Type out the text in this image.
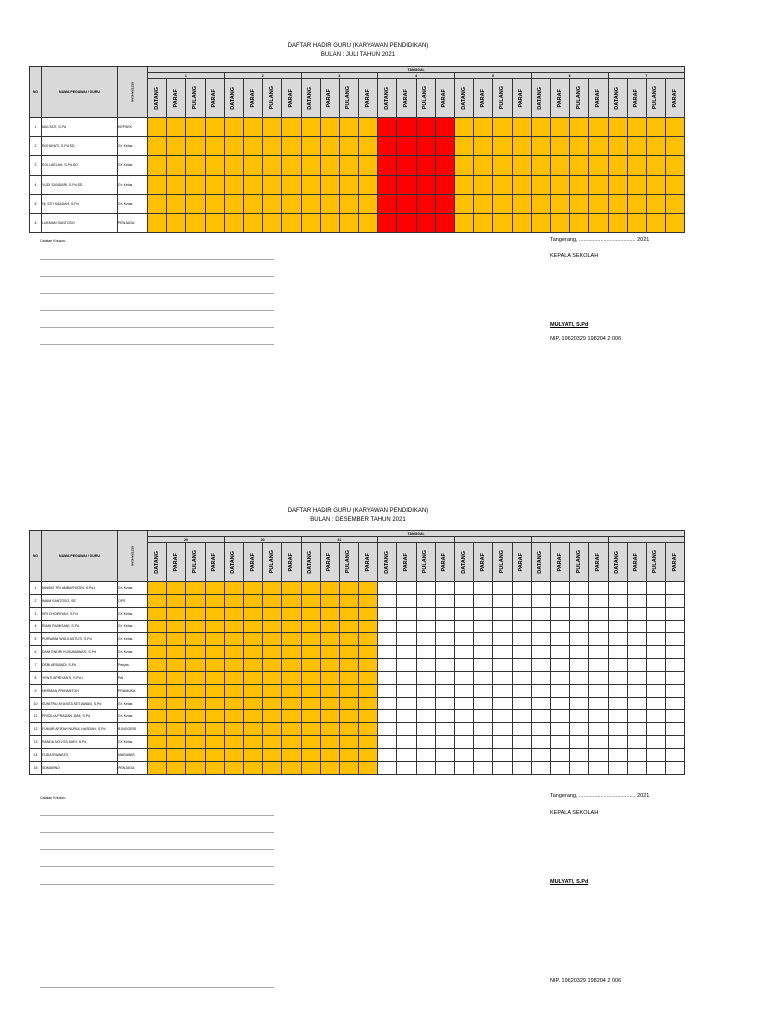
DAFTAR HADIR GURU (KARYAWAN PENDIDIKAN)
BULAN : JULI TAHUN 2021
NO	NAMA PEGAWAI / GURU	KETERANGAN	TANGGAL																											
			1				2				3				4				5				6				7			

			DATANG	PARAF	PULANG	PARAF	DATANG	PARAF	PULANG	PARAF	DATANG	PARAF	PULANG	PARAF	DATANG	PARAF	PULANG	PARAF	DATANG	PARAF	PULANG	PARAF	DATANG	PARAF	PULANG	PARAF	DATANG	PARAF	PULANG	PARAF

1	MULYATI, S.Pd	KEPSEK																												
2	ROHAYATI, S.Pd.SD	Gr. Kelas																												
3	EGI LAELAH, S.Pd.SD	Gr. Kelas																												
4	YUDI SUNDARI, S.Pd.SD	Gr. Kelas																												
5	Hj. SITI SAADAH, S.Pd	Gr. Kelas																												
6	LUKMAN SANTOSO	PENJAGA																												
Catatan Khusus:	Tangerang, ..................................... 2021
KEPALA SEKOLAH
MULYATI, S.Pd
NIP. 19620329 198204 2 006
DAFTAR HADIR GURU (KARYAWAN PENDIDIKAN)
BULAN : DESEMBER TAHUN 2021
NO	NAMA PEGAWAI / GURU	KETERANGAN	TANGGAL																											
			29				30				31																			

			DATANG	PARAF	PULANG	PARAF	DATANG	PARAF	PULANG	PARAF	DATANG	PARAF	PULANG	PARAF	DATANG	PARAF	PULANG	PARAF	DATANG	PARAF	PULANG	PARAF	DATANG	PARAF	PULANG	PARAF	DATANG	PARAF	PULANG	PARAF

1	NINING TRI AMBARYATIN, S.Pd.I	Gr. Kelas																												
2	IMAM SANTOSO, SE	OPS																												
3	SRI CHOIRIYAH, S.Pd	Gr. Kelas																												
4	RIANI RUMISANI, S.Pd	Gr. Kelas																												
5	PURWANI WIDJI ASTUTI, S.Pd	Gr. Kelas																												
6	DANI ENDRI KUSUMAWATI, S.Pd	Gr. Kelas																												
7	DEBI ARSANDI, S.Pd	Penjas																												
8	YENTI APRIYANTI, S.Pd.I	PAI																												
9	HERMAN PRIHANTOH	PRAMUKA																												
10	SUNITRU AYUNITA SETIAWAN, S.Pd	Gr. Kelas																												
11	PRICILIA PRADAN JANI, S.Pd	Gr. Kelas																												
12	FUMAR AFIFAH NURUL HASDAH, S.Pd	B.INGGRIS																												
13	RANDA NOVITA SARI, S.Pd	Gr. Kelas																												
14	FUDA IRAWATO	MARAWIS																												
15	SUMARNO	PENJAGA																												
Catatan Khusus:	Tangerang, ..................................... 2021
KEPALA SEKOLAH
MULYATI, S.Pd
NIP. 19620329 198204 2 006
